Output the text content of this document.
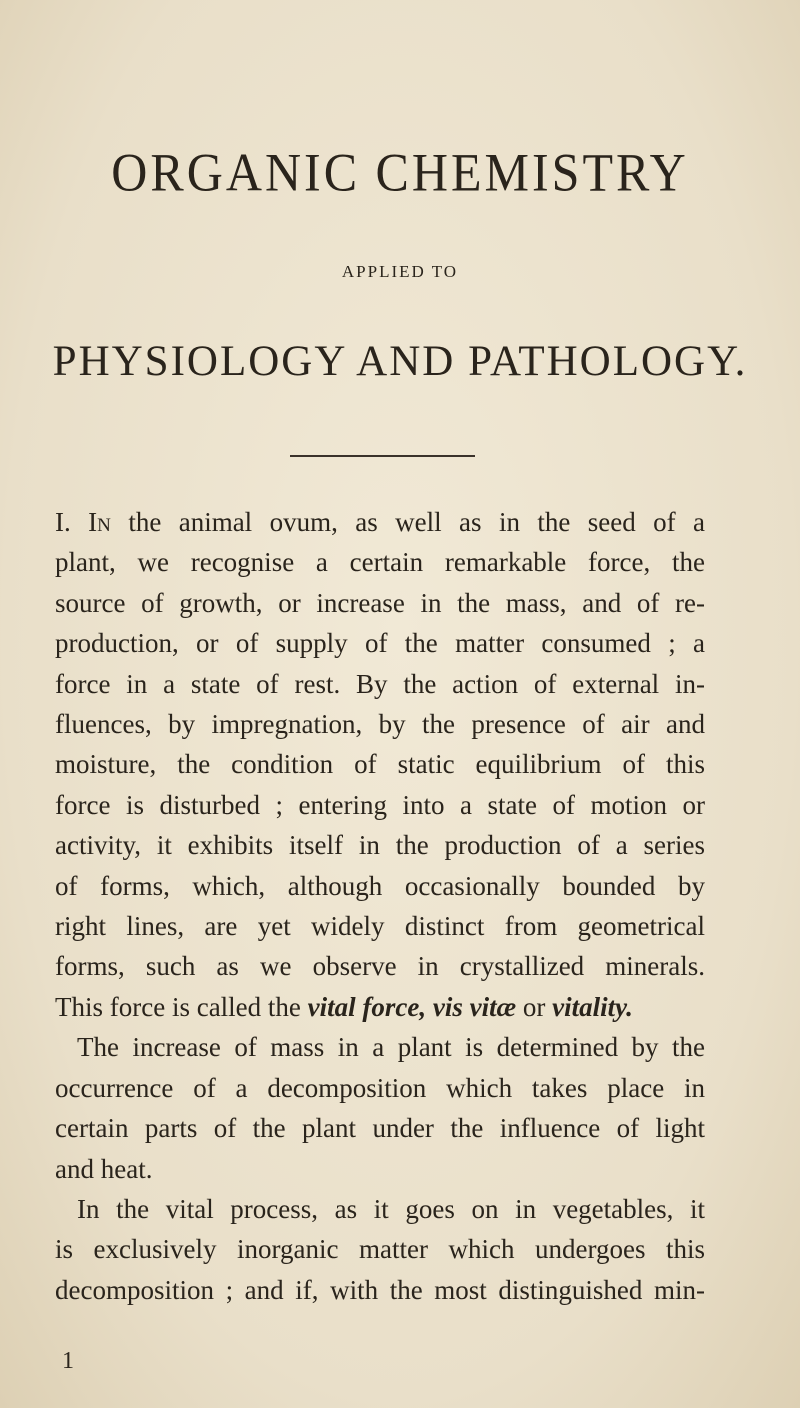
ORGANIC CHEMISTRY
APPLIED TO
PHYSIOLOGY AND PATHOLOGY.

I. In the animal ovum, as well as in the seed of a
plant, we recognise a certain remarkable force, the
source of growth, or increase in the mass, and of re-
production, or of supply of the matter consumed ; a
force in a state of rest. By the action of external in-
fluences, by impregnation, by the presence of air and
moisture, the condition of static equilibrium of this
force is disturbed ; entering into a state of motion or
activity, it exhibits itself in the production of a series
of forms, which, although occasionally bounded by
right lines, are yet widely distinct from geometrical
forms, such as we observe in crystallized minerals.
This force is called the vital force, vis vitæ or vitality.

The increase of mass in a plant is determined by the
occurrence of a decomposition which takes place in
certain parts of the plant under the influence of light
and heat.

In the vital process, as it goes on in vegetables, it
is exclusively inorganic matter which undergoes this
decomposition ; and if, with the most distinguished min-

1
